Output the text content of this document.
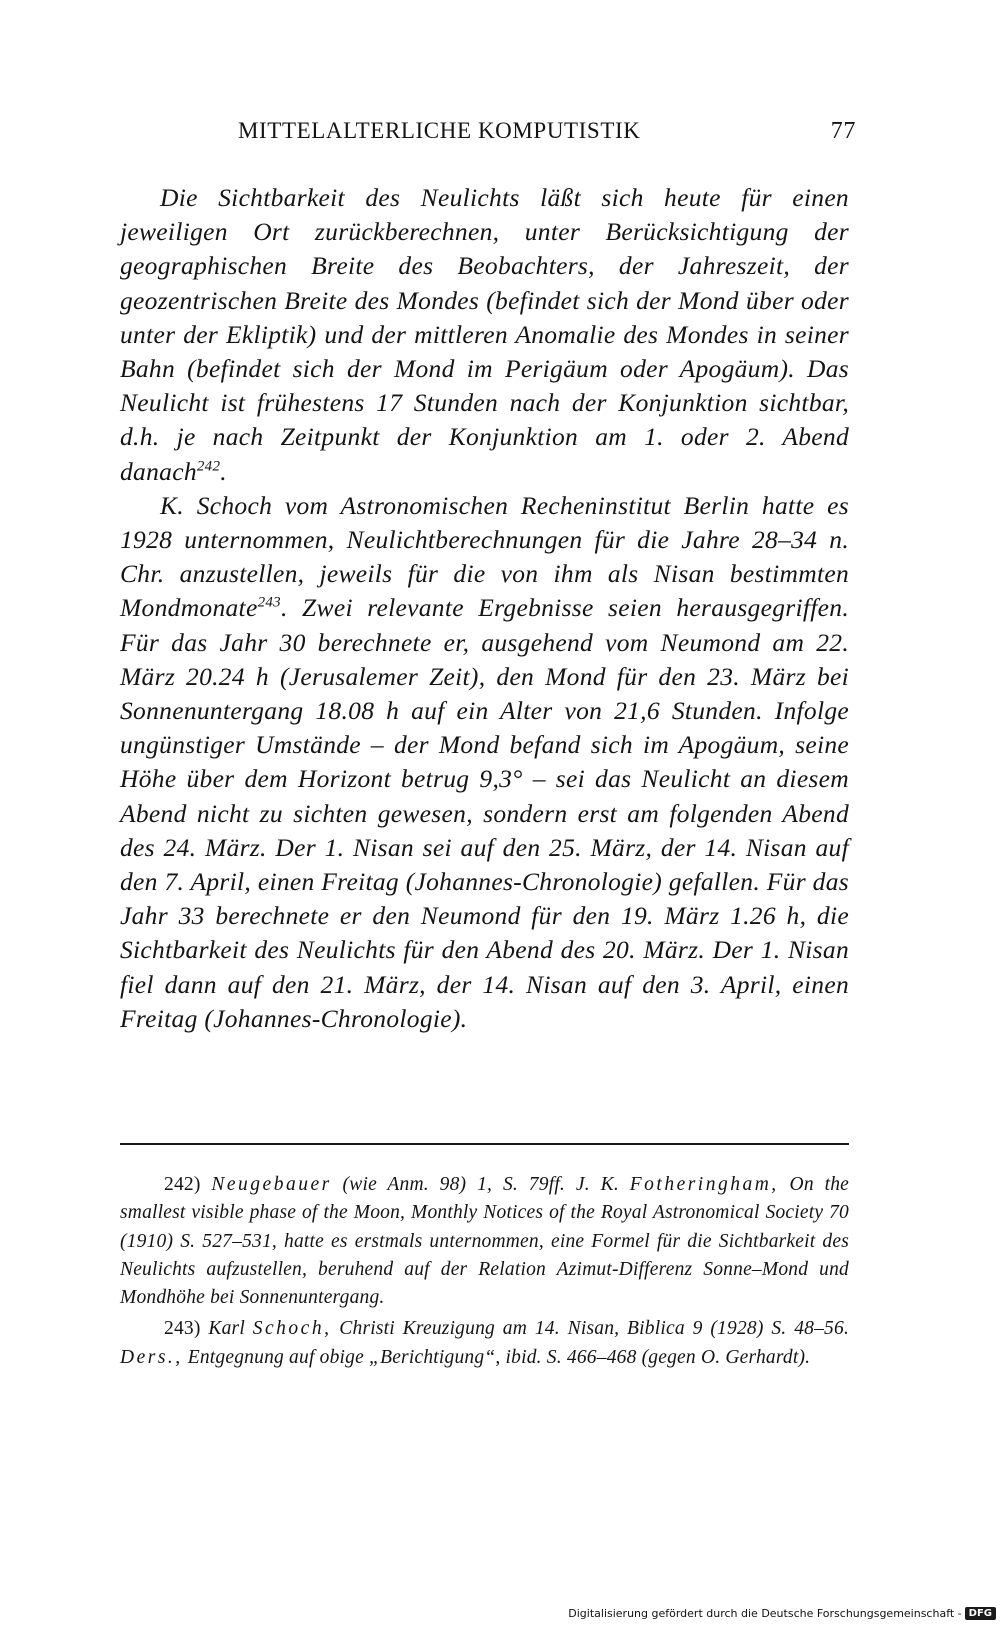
MITTELALTERLICHE KOMPUTISTIK	77

Die Sichtbarkeit des Neulichts läßt sich heute für einen jeweiligen Ort zurückberechnen, unter Berücksichtigung der geographischen Breite des Beobachters, der Jahreszeit, der geozentrischen Breite des Mondes (befindet sich der Mond über oder unter der Ekliptik) und der mittleren Anomalie des Mondes in seiner Bahn (befindet sich der Mond im Perigäum oder Apogäum). Das Neulicht ist frühestens 17 Stunden nach der Konjunktion sichtbar, d.h. je nach Zeitpunkt der Konjunktion am 1. oder 2. Abend danach$^{242}$.

K. Schoch vom Astronomischen Recheninstitut Berlin hatte es 1928 unternommen, Neulichtberechnungen für die Jahre 28–34 n. Chr. anzustellen, jeweils für die von ihm als Nisan bestimmten Mondmonate$^{243}$. Zwei relevante Ergebnisse seien herausgegriffen. Für das Jahr 30 berechnete er, ausgehend vom Neumond am 22. März 20.24 h (Jerusalemer Zeit), den Mond für den 23. März bei Sonnenuntergang 18.08 h auf ein Alter von 21,6 Stunden. Infolge ungünstiger Umstände – der Mond befand sich im Apogäum, seine Höhe über dem Horizont betrug 9,3° – sei das Neulicht an diesem Abend nicht zu sichten gewesen, sondern erst am folgenden Abend des 24. März. Der 1. Nisan sei auf den 25. März, der 14. Nisan auf den 7. April, einen Freitag (Johannes-Chronologie) gefallen. Für das Jahr 33 berechnete er den Neumond für den 19. März 1.26 h, die Sichtbarkeit des Neulichts für den Abend des 20. März. Der 1. Nisan fiel dann auf den 21. März, der 14. Nisan auf den 3. April, einen Freitag (Johannes-Chronologie).

242) Neugebauer (wie Anm. 98) 1, S. 79ff. J. K. Fotheringham, On the smallest visible phase of the Moon, Monthly Notices of the Royal Astronomical Society 70 (1910) S. 527–531, hatte es erstmals unternommen, eine Formel für die Sichtbarkeit des Neulichts aufzustellen, beruhend auf der Relation Azimut-Differenz Sonne–Mond und Mondhöhe bei Sonnenuntergang.

243) Karl Schoch, Christi Kreuzigung am 14. Nisan, Biblica 9 (1928) S. 48–56. Ders., Entgegnung auf obige „Berichtigung“, ibid. S. 466–468 (gegen O. Gerhardt).

Digitalisierung gefördert durch die Deutsche Forschungsgemeinschaft - DFG
